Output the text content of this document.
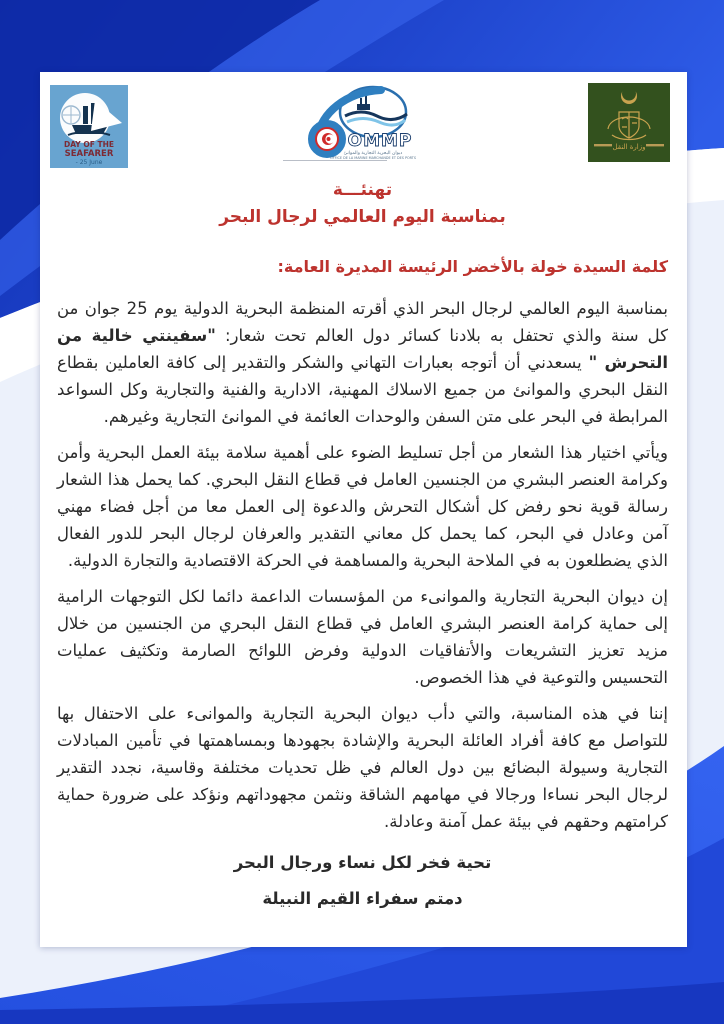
DAY OF THE
SEAFARER
- 25 June
OMMP
ديوان البحرية التجارية والموانئ
OFFICE DE LA MARINE MARCHANDE ET DES PORTS
وزارة النقل
تهنئـــة
بمناسبة اليوم العالمي لرجال البحر
كلمة السيدة خولة بالأخضر الرئيسة المديرة العامة:

بمناسبة اليوم العالمي لرجال البحر الذي أقرته المنظمة البحرية الدولية يوم 25 جوان من كل سنة والذي تحتفل به بلادنا كسائر دول العالم تحت شعار: "سفينتي خالية من التحرش " يسعدني أن أتوجه بعبارات التهاني والشكر والتقدير إلى كافة العاملين بقطاع النقل البحري والموانئ من جميع الاسلاك المهنية، الادارية والفنية والتجارية وكل السواعد المرابطة في البحر على متن السفن والوحدات العائمة في الموانئ التجارية وغيرهم.

ويأتي اختيار هذا الشعار من أجل تسليط الضوء على أهمية سلامة بيئة العمل البحرية وأمن وكرامة العنصر البشري من الجنسين العامل في قطاع النقل البحري. كما يحمل هذا الشعار رسالة قوية نحو رفض كل أشكال التحرش والدعوة إلى العمل معا من أجل فضاء مهني آمن وعادل في البحر، كما يحمل كل معاني التقدير والعرفان لرجال البحر للدور الفعال الذي يضطلعون به في الملاحة البحرية والمساهمة في الحركة الاقتصادية والتجارة الدولية.

إن ديوان البحرية التجارية والموانىء من المؤسسات الداعمة دائما لكل التوجهات الرامية إلى حماية كرامة العنصر البشري العامل في قطاع النقل البحري من الجنسين من خلال مزيد تعزيز التشريعات والأتفاقيات الدولية وفرض اللوائح الصارمة وتكثيف عمليات التحسيس والتوعية في هذا الخصوص.

إننا في هذه المناسبة، والتي دأب ديوان البحرية التجارية والموانىء على الاحتفال بها للتواصل مع كافة أفراد العائلة البحرية والإشادة بجهودها وبمساهمتها في تأمين المبادلات التجارية وسيولة البضائع بين دول العالم في ظل تحديات مختلفة وقاسية، نجدد التقدير لرجال البحر نساءا ورجالا في مهامهم الشاقة ونثمن مجهوداتهم ونؤكد على ضرورة حماية كرامتهم وحقهم في بيئة عمل آمنة وعادلة.

تحية فخر لكل نساء ورجال البحر
دمتم سفراء القيم النبيلة
